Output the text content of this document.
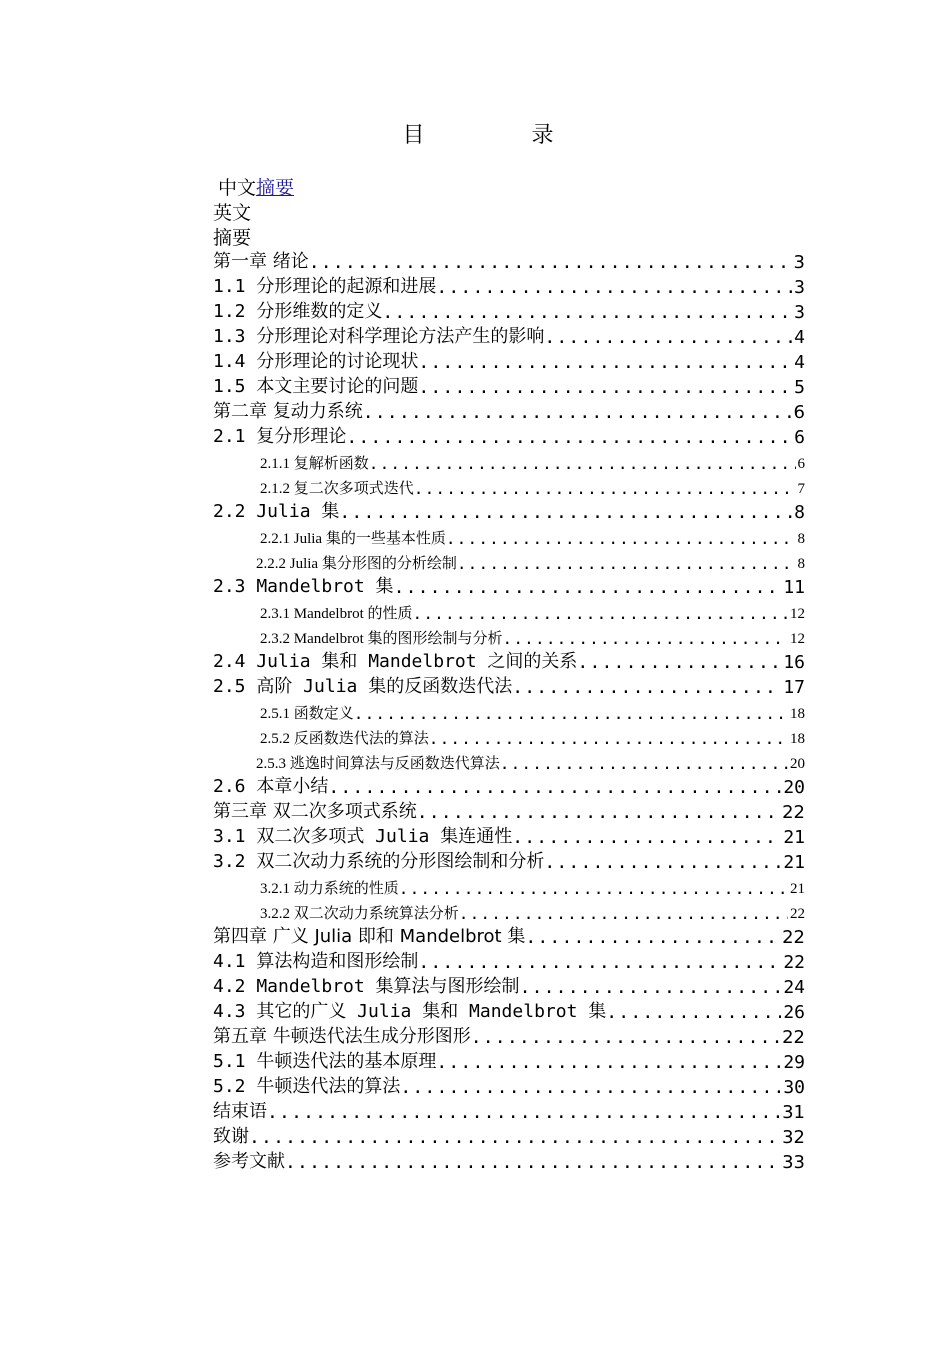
目 录
中文摘要
英文
摘要
第一章 绪论 .....	3
1.1 分形理论的起源和进展 .....	3
1.2 分形维数的定义 .....	3
1.3 分形理论对科学理论方法产生的影响 .....	4
1.4 分形理论的讨论现状 .....	4
1.5 本文主要讨论的问题 .....	5
第二章 复动力系统 .....	6
2.1 复分形理论 .....	6
2.1.1 复解析函数 .....	6
2.1.2 复二次多项式迭代 .....	7
2.2 Julia 集 .....	8
2.2.1 Julia 集的一些基本性质 .....	8
2.2.2 Julia 集分形图的分析绘制 .....	8
2.3 Mandelbrot 集 .....	11
2.3.1 Mandelbrot 的性质 .....	12
2.3.2 Mandelbrot 集的图形绘制与分析 .....	12
2.4 Julia 集和 Mandelbrot 之间的关系 .....	16
2.5 高阶 Julia 集的反函数迭代法 .....	17
2.5.1 函数定义 .....	18
2.5.2 反函数迭代法的算法 .....	18
2.5.3 逃逸时间算法与反函数迭代算法 .....	20
2.6 本章小结 .....	20
第三章 双二次多项式系统 .....	22
3.1 双二次多项式 Julia 集连通性 .....	21
3.2 双二次动力系统的分形图绘制和分析 .....	21
3.2.1 动力系统的性质 .....	21
3.2.2 双二次动力系统算法分析 .....	22
第四章 广义 Julia 即和 Mandelbrot 集 .....	22
4.1 算法构造和图形绘制 .....	22
4.2 Mandelbrot 集算法与图形绘制 .....	24
4.3 其它的广义 Julia 集和 Mandelbrot 集 .....	26
第五章 牛顿迭代法生成分形图形 .....	22
5.1 牛顿迭代法的基本原理 .....	29
5.2 牛顿迭代法的算法 .....	30
结束语 .....	31
致谢 .....	32
参考文献 .....	33
